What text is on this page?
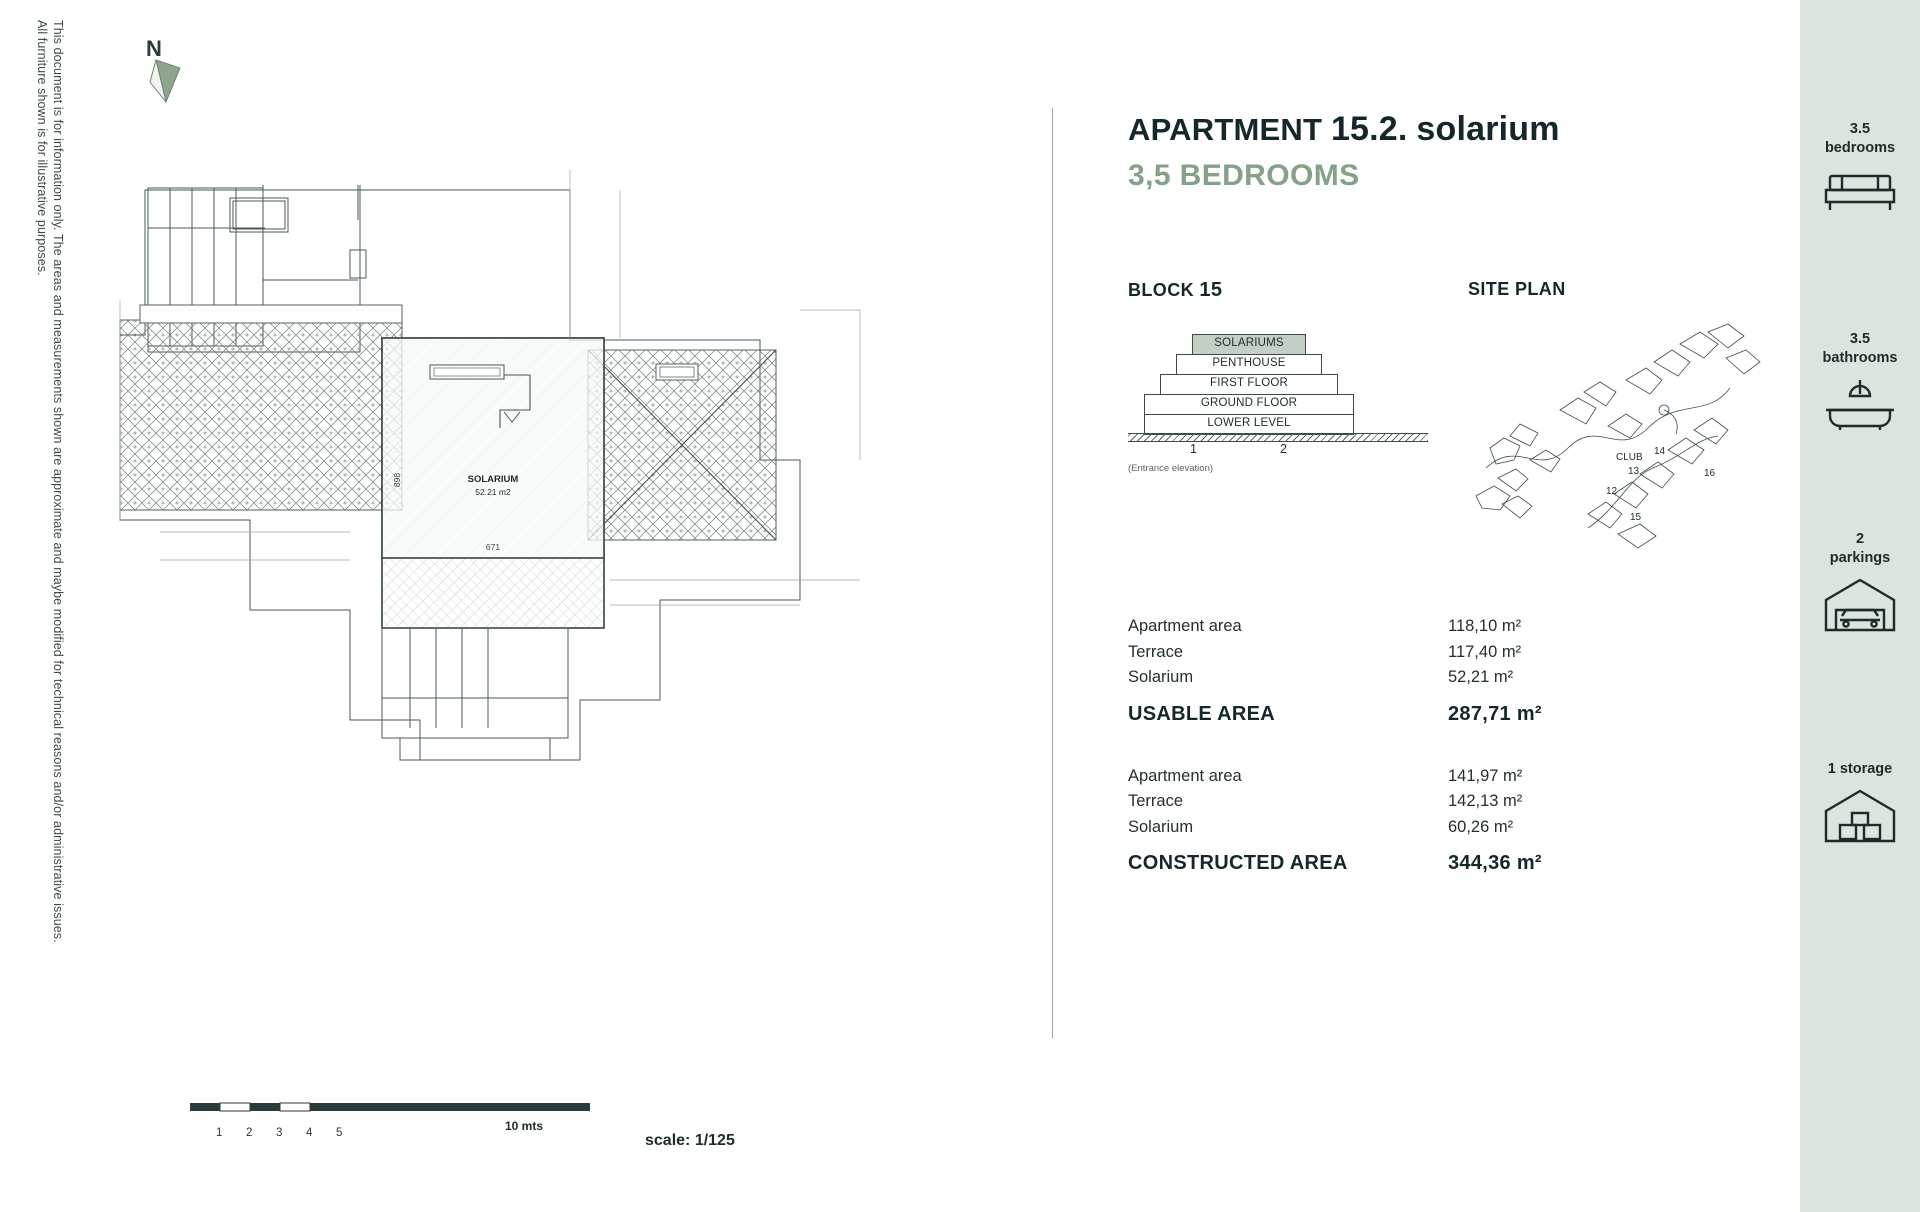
This document is for information only. The areas and measurements shown are approximate and maybe modified for technical reasons and/or administrative issues.
All furniture shown is for illustrative purposes.
N
SOLARIUM
52.21 m2
671
898
1 2 3 4 5	10 mts
scale: 1/125
APARTMENT 15.2. solarium
3,5 BEDROOMS
BLOCK 15
SOLARIUMS
PENTHOUSE
FIRST FLOOR
GROUND FLOOR
LOWER LEVEL
1	2
(Entrance elevation)
SITE PLAN
CLUB
14
13	16
12
15
Apartment area	118,10 m²
Terrace	117,40 m²
Solarium	52,21 m²
USABLE AREA	287,71 m²
Apartment area	141,97 m²
Terrace	142,13 m²
Solarium	60,26 m²
CONSTRUCTED AREA	344,36 m²
3.5
bedrooms
3.5
bathrooms
2
parkings
1 storage
